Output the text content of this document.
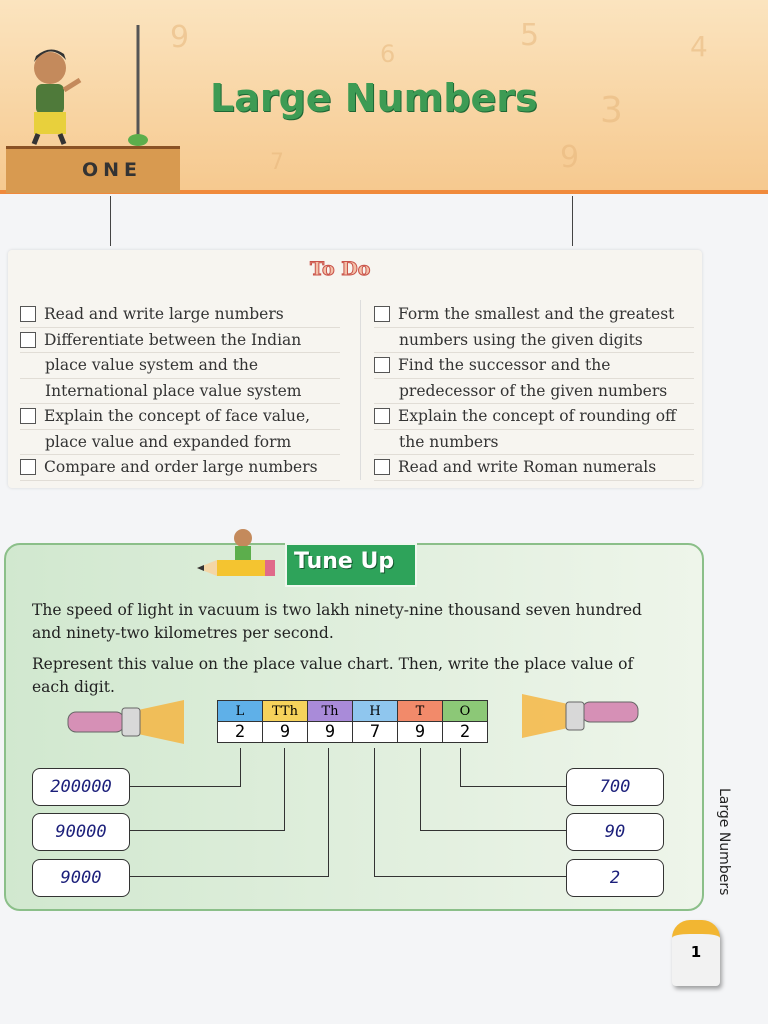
9	6
5
3
4
9
7
Large Numbers
ONE
To Do
Read and write large numbers
Differentiate between the Indian
place value system and the
International place value system
Explain the concept of face value,
place value and expanded form
Compare and order large numbers
Form the smallest and the greatest
numbers using the given digits
Find the successor and the
predecessor of the given numbers
Explain the concept of rounding off
the numbers
Read and write Roman numerals
Tune Up
The speed of light in vacuum is two lakh ninety-nine thousand seven hundred and ninety-two kilometres per second.
Represent this value on the place value chart. Then, write the place value of each digit.
L	TTh	Th	H	T	O
2	9	9	7	9	2
200000
90000
9000
700
90
2	Large Numbers
1
